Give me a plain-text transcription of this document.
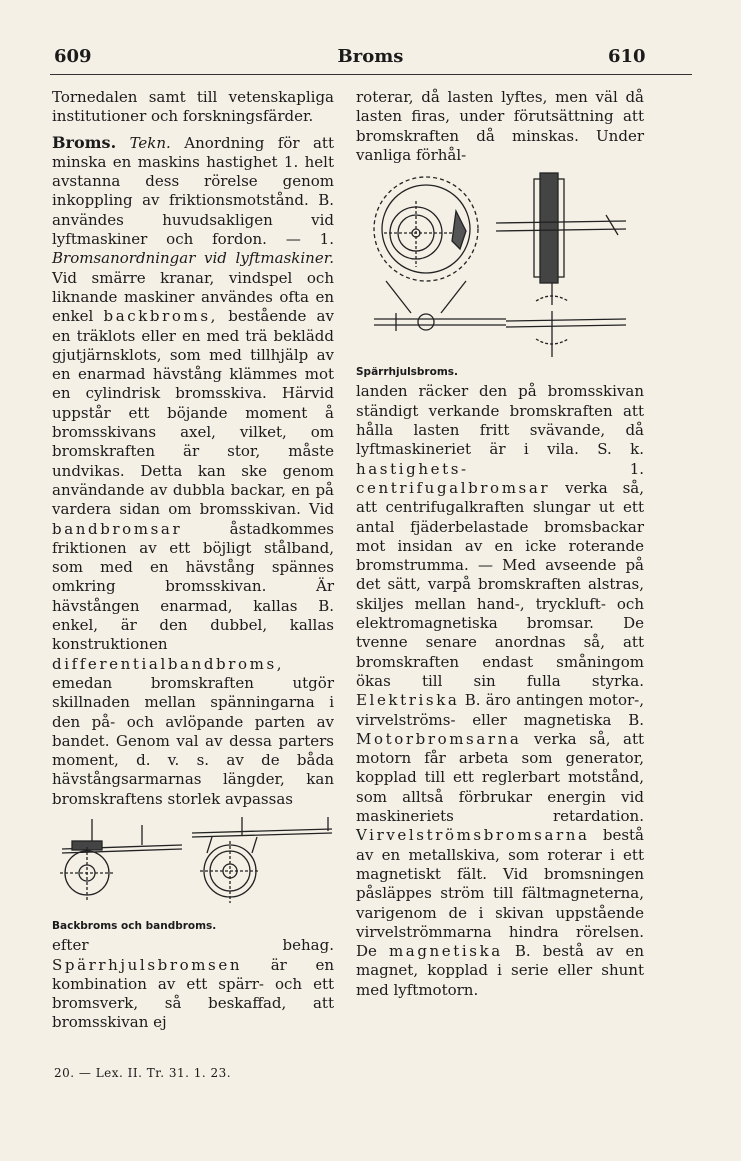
609	Broms	610

Tornedalen samt till vetenskapliga institutioner och forskningsfärder.

Broms. Tekn. Anordning för att minska en maskins hastighet 1. helt avstanna dess rörelse genom inkoppling av friktionsmotstånd. B. användes huvudsakligen vid lyftmaskiner och fordon. — 1. Bromsanordningar vid lyftmaskiner. Vid smärre kranar, vindspel och liknande maskiner användes ofta en enkel backbroms, bestående av en träklots eller en med trä beklädd gjutjärnsklots, som med tillhjälp av en enarmad hävstång klämmes mot en cylindrisk bromsskiva. Härvid uppstår ett böjande moment å bromsskivans axel, vilket, om bromskraften är stor, måste undvikas. Detta kan ske genom användande av dubbla backar, en på vardera sidan om bromsskivan. Vid bandbromsar	åstadkommes friktionen av ett böjligt stålband, som med en hävstång spännes omkring bromsskivan. Är hävstången enarmad, kallas B. enkel, är den dubbel, kallas konstruktionen differentialbandbroms, emedan bromskraften utgör skillnaden mellan spänningarna i den på- och avlöpande parten av bandet. Genom val av dessa parters moment, d. v. s. av de båda hävstångsarmarnas längder, kan bromskraftens storlek avpassas

Backbroms och bandbroms.

efter behag. Spärrhjulsbromsen är en kombination av ett spärr- och ett bromsverk, så beskaffad, att bromsskivan ej

roterar, då lasten lyftes, men väl då lasten firas, under förutsättning att bromskraften då minskas. Under vanliga förhål-

Spärrhjulsbroms.

landen räcker den på bromsskivan ständigt verkande bromskraften att hålla lasten fritt svävande, då lyftmaskineriet är i vila. S. k. hastighets-	1. centrifugalbromsar verka så, att centrifugalkraften slungar ut ett antal fjäderbelastade bromsbackar mot insidan av en icke roterande bromstrumma. — Med avseende på det sätt, varpå bromskraften alstras, skiljes mellan hand-, tryckluft- och elektromagnetiska bromsar. De tvenne senare anordnas så, att bromskraften endast småningom ökas till sin fulla styrka. Elektriska B. äro antingen motor-, virvelströms- eller magnetiska B. Motorbromsarna verka så, att motorn får arbeta som generator, kopplad till ett reglerbart motstånd, som alltså förbrukar energin vid maskineriets retardation. Virvelströmsbromsarna bestå av en metallskiva, som roterar i ett magnetiskt fält. Vid bromsningen påsläppes ström till fältmagneterna, varigenom de i skivan uppstående virvelströmmarna hindra rörelsen. De magnetiska B. bestå av en magnet, kopplad i serie eller shunt med lyftmotorn.

20. — Lex. II. Tr. 31. 1. 23.
